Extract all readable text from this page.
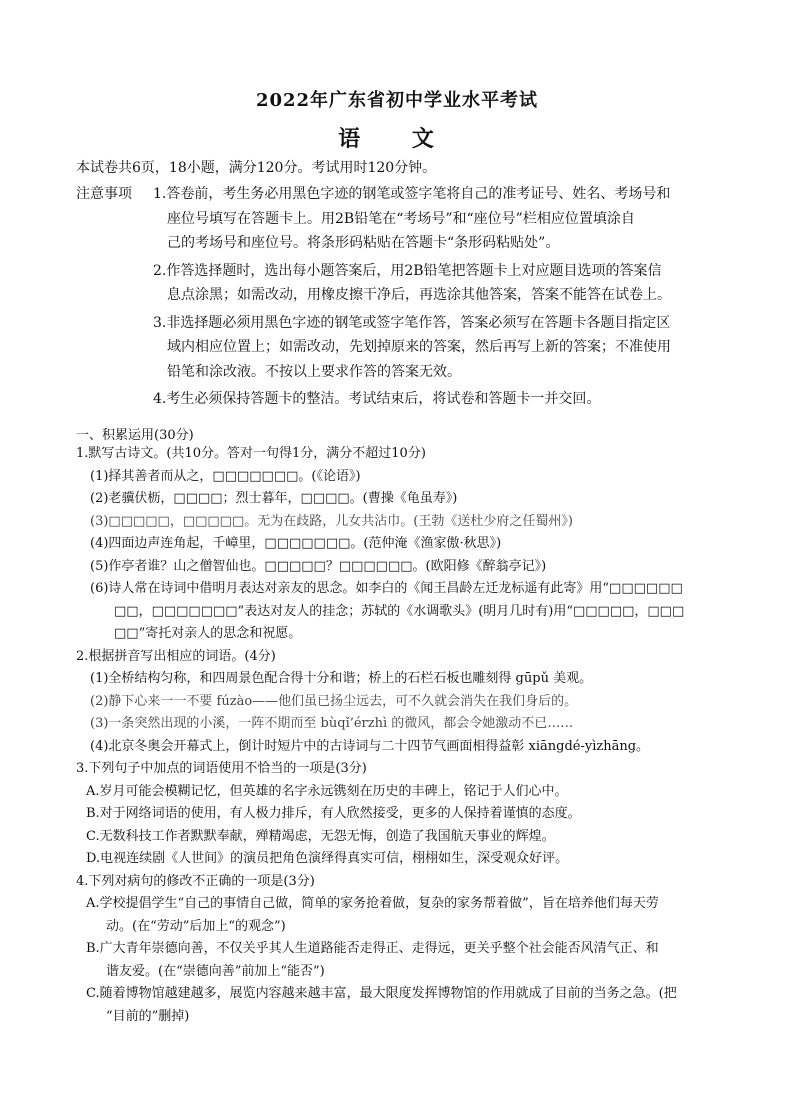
2022年广东省初中学业水平考试
语 文
本试卷共6页，18小题，满分120分。考试用时120分钟。
注意事项 1.答卷前，考生务必用黑色字迹的钢笔或签字笔将自己的准考证号、姓名、考场号和
座位号填写在答题卡上。用2B铅笔在“考场号”和“座位号”栏相应位置填涂自
己的考场号和座位号。将条形码粘贴在答题卡“条形码粘贴处”。
2.作答选择题时，选出每小题答案后，用2B铅笔把答题卡上对应题目选项的答案信
息点涂黑；如需改动，用橡皮擦干净后，再选涂其他答案，答案不能答在试卷上。
3.非选择题必须用黑色字迹的钢笔或签字笔作答，答案必须写在答题卡各题目指定区
域内相应位置上；如需改动，先划掉原来的答案，然后再写上新的答案；不准使用
铅笔和涂改液。不按以上要求作答的答案无效。
4.考生必须保持答题卡的整洁。考试结束后，将试卷和答题卡一并交回。
一、积累运用(30分)
1.默写古诗文。(共10分。答对一句得1分，满分不超过10分)
(1)择其善者而从之，□□□□□□□。(《论语》)
(2)老骥伏枥，□□□□；烈士暮年，□□□□。(曹操《龟虽寿》)
(3)□□□□□，□□□□□。无为在歧路，儿女共沾巾。(王勃《送杜少府之任蜀州》)
(4)四面边声连角起，千嶂里，□□□□□□□。(范仲淹《渔家傲·秋思》)
(5)作亭者谁？山之僧智仙也。□□□□□？□□□□□□。(欧阳修《醉翁亭记》)
(6)诗人常在诗词中借明月表达对亲友的思念。如李白的《闻王昌龄左迁龙标遥有此寄》用“□□□□□□
□□，□□□□□□□”表达对友人的挂念；苏轼的《水调歌头》(明月几时有)用“□□□□□，□□□
□□”寄托对亲人的思念和祝愿。
2.根据拼音写出相应的词语。(4分)
(1)全桥结构匀称，和四周景色配合得十分和谐；桥上的石栏石板也雕刻得 gūpǔ 美观。
(2)静下心来一一不要 fúzào——他们虽已扬尘远去，可不久就会消失在我们身后的。
(3)一条突然出现的小溪，一阵不期而至 bùqǐ’érzhì 的微风，都会令她激动不已……
(4)北京冬奥会开幕式上，倒计时短片中的古诗词与二十四节气画面相得益彰 xiāngdé-yìzhāng。
3.下列句子中加点的词语使用不恰当的一项是(3分)
A.岁月可能会模糊记忆，但英雄的名字永远镌刻在历史的丰碑上，铭记于人们心中。
B.对于网络词语的使用，有人极力排斥，有人欣然接受，更多的人保持着谨慎的态度。
C.无数科技工作者默默奉献，殚精竭虑，无怨无悔，创造了我国航天事业的辉煌。
D.电视连续剧《人世间》的演员把角色演绎得真实可信，栩栩如生，深受观众好评。
4.下列对病句的修改不正确的一项是(3分)
A.学校提倡学生“自己的事情自己做，简单的家务抢着做，复杂的家务帮着做”，旨在培养他们每天劳
动。(在“劳动”后加上“的观念”)
B.广大青年崇德向善，不仅关乎其人生道路能否走得正、走得远，更关乎整个社会能否风清气正、和
谐友爱。(在“崇德向善”前加上“能否”)
C.随着博物馆越建越多，展览内容越来越丰富，最大限度发挥博物馆的作用就成了目前的当务之急。(把
“目前的”删掉)
